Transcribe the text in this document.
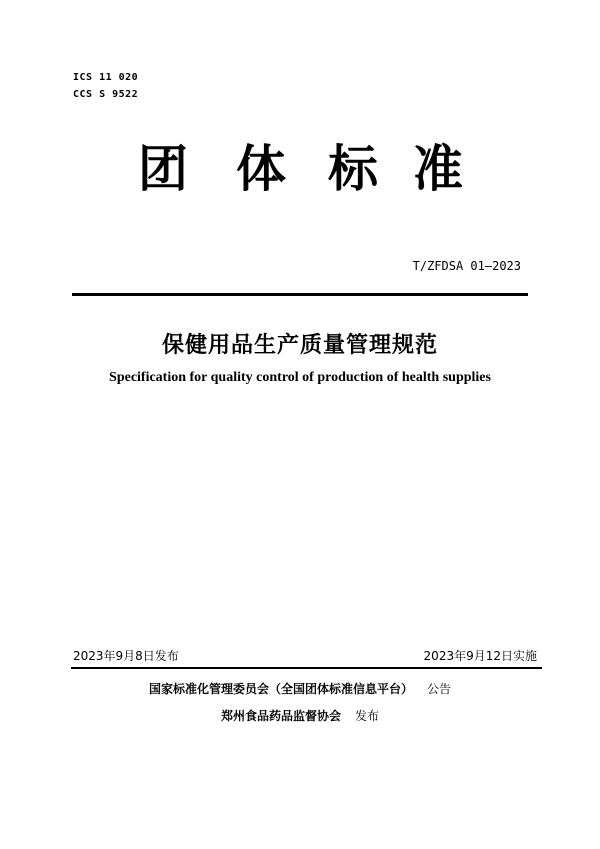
ICS 11 020
CCS S 9522
团 体 标 准
T/ZFDSA 01—2023
保健用品生产质量管理规范
Specification for quality control of production of health supplies
2023年9月8日发布	2023年9月12日实施
国家标准化管理委员会（全国团体标准信息平台） 公告
郑州食品药品监督协会 发布
